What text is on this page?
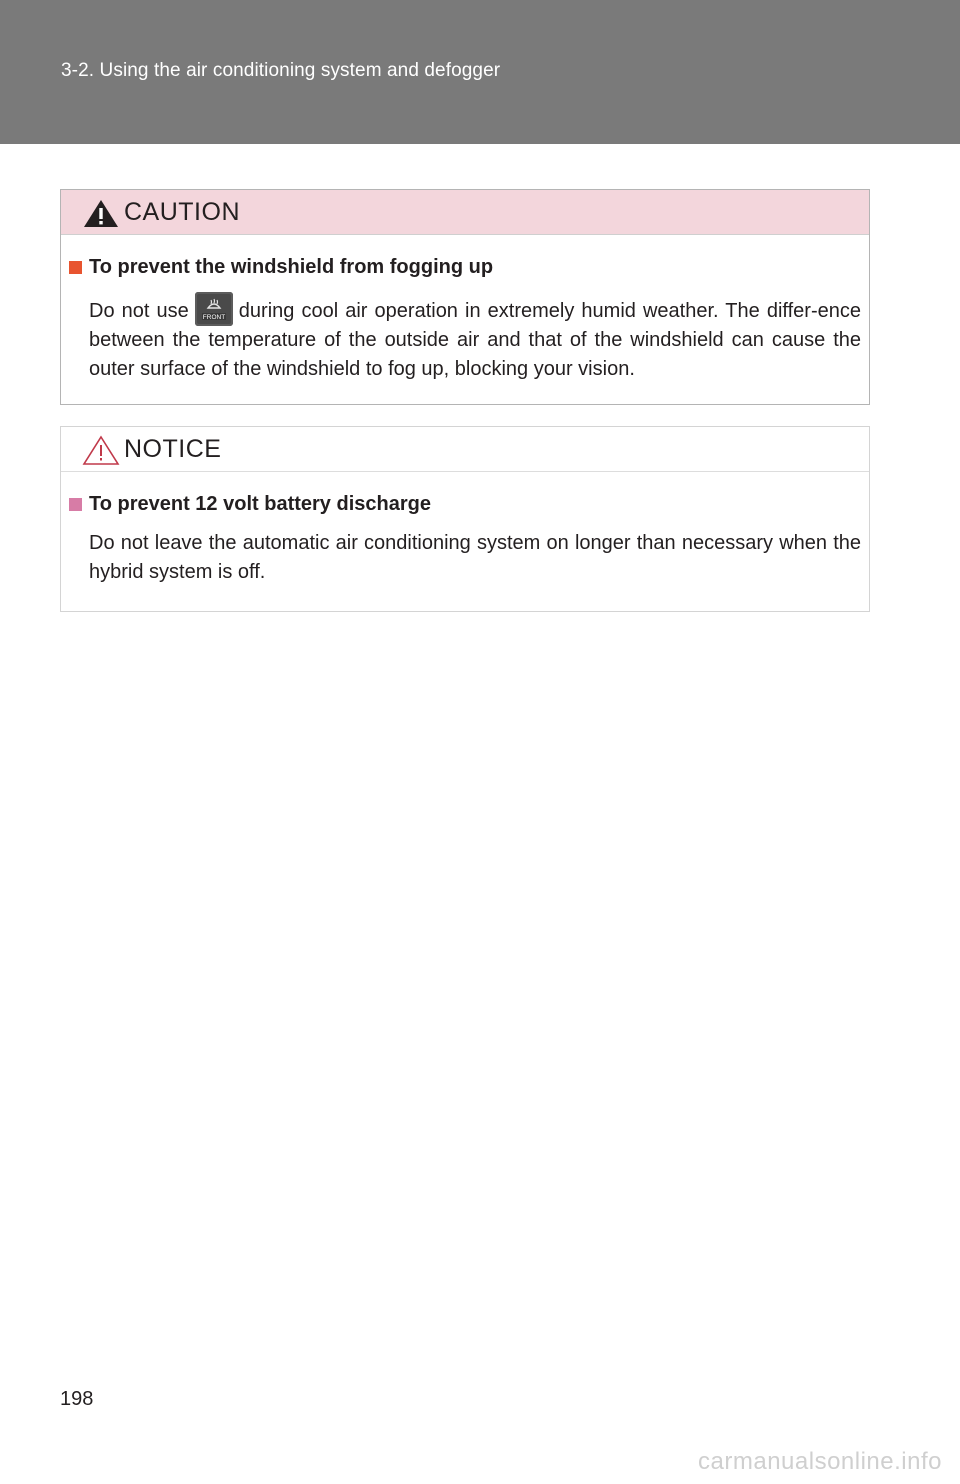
3-2. Using the air conditioning system and defogger
CAUTION
To prevent the windshield from fogging up
Do not use FRONT during cool air operation in extremely humid weather. The differ-ence between the temperature of the outside air and that of the windshield can cause the outer surface of the windshield to fog up, blocking your vision.
NOTICE
To prevent 12 volt battery discharge
Do not leave the automatic air conditioning system on longer than necessary when the hybrid system is off.
198
carmanualsonline.info
